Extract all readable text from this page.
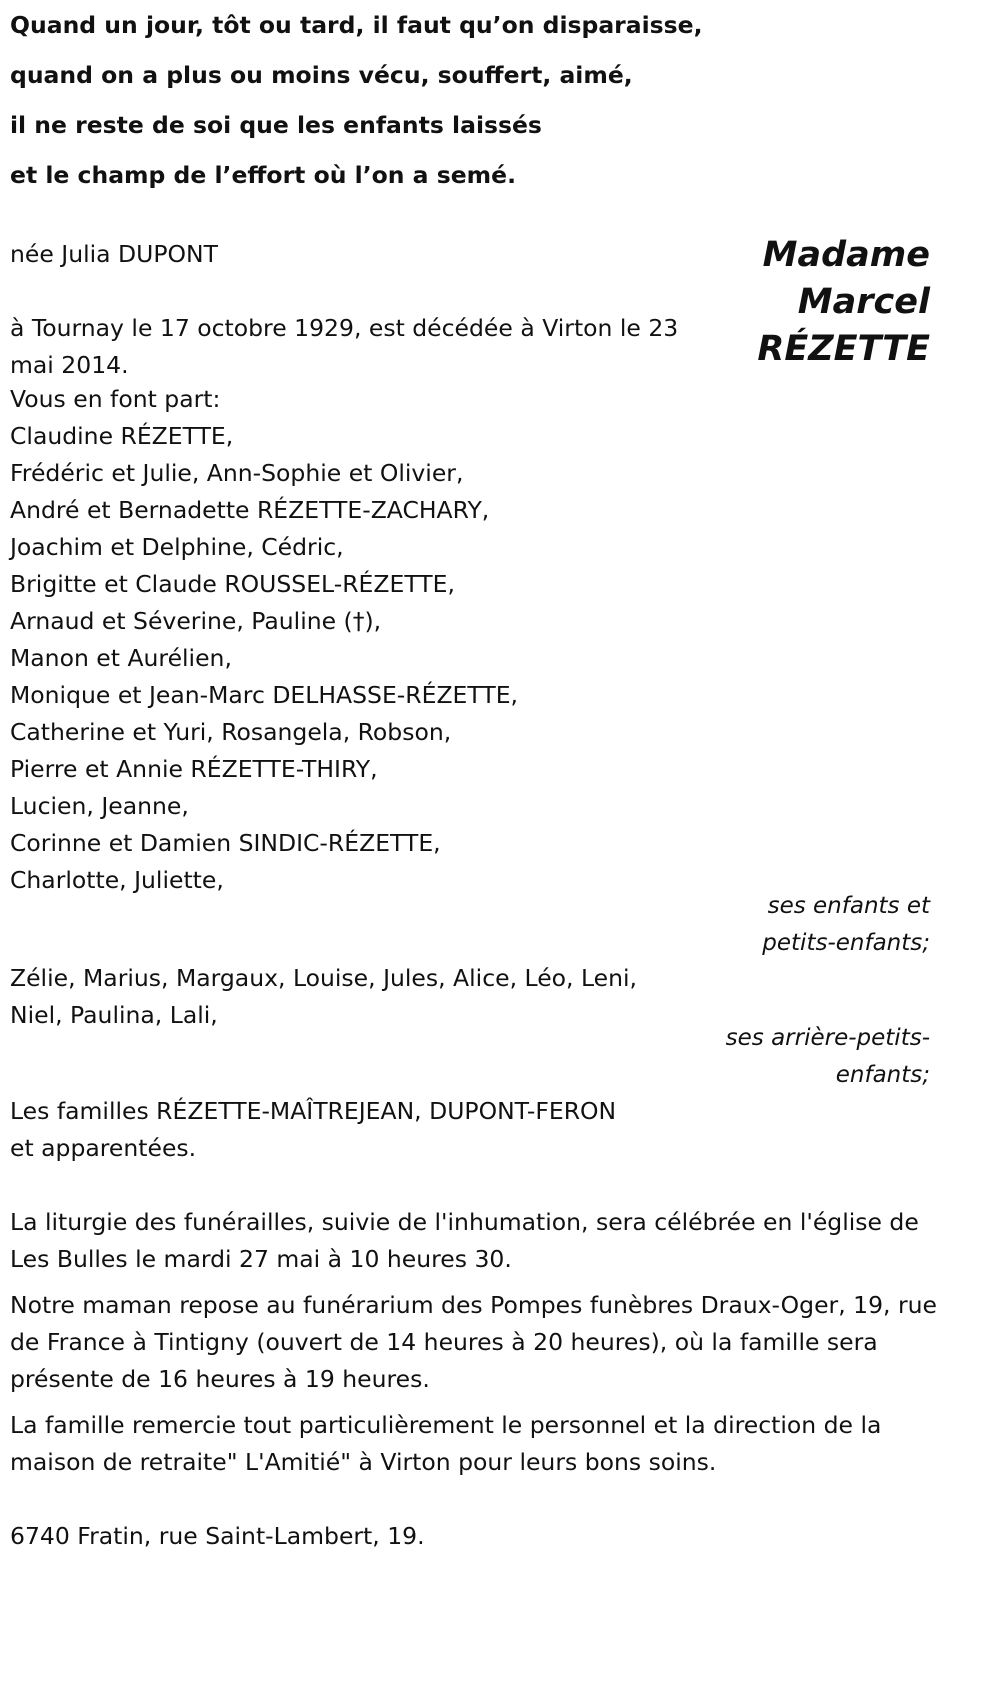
Quand un jour, tôt ou tard, il faut qu’on disparaisse,
quand on a plus ou moins vécu, souffert, aimé,
il ne reste de soi que les enfants laissés
et le champ de l’effort où l’on a semé.
Madame
Marcel
RÉZETTE
née Julia DUPONT
à Tournay le 17 octobre 1929, est décédée à Virton le 23 mai 2014.
Vous en font part:
Claudine RÉZETTE,
Frédéric et Julie, Ann-Sophie et Olivier,
André et Bernadette RÉZETTE-ZACHARY,
Joachim et Delphine, Cédric,
Brigitte et Claude ROUSSEL-RÉZETTE,
Arnaud et Séverine, Pauline (†),
Manon et Aurélien,
Monique et Jean-Marc DELHASSE-RÉZETTE,
Catherine et Yuri, Rosangela, Robson,
Pierre et Annie RÉZETTE-THIRY,
Lucien, Jeanne,
Corinne et Damien SINDIC-RÉZETTE,
Charlotte, Juliette,
ses enfants et
petits-enfants;
Zélie, Marius, Margaux, Louise, Jules, Alice, Léo, Leni,
Niel, Paulina, Lali,
ses arrière-petits-
enfants;
Les familles RÉZETTE-MAÎTREJEAN, DUPONT-FERON
et apparentées.
La liturgie des funérailles, suivie de l'inhumation, sera célébrée en l'église de Les Bulles le mardi 27 mai à 10 heures 30.
Notre maman repose au funérarium des Pompes funèbres Draux-Oger, 19, rue de France à Tintigny (ouvert de 14 heures à 20 heures), où la famille sera présente de 16 heures à 19 heures.
La famille remercie tout particulièrement le personnel et la direction de la maison de retraite" L'Amitié" à Virton pour leurs bons soins.
6740 Fratin, rue Saint-Lambert, 19.
